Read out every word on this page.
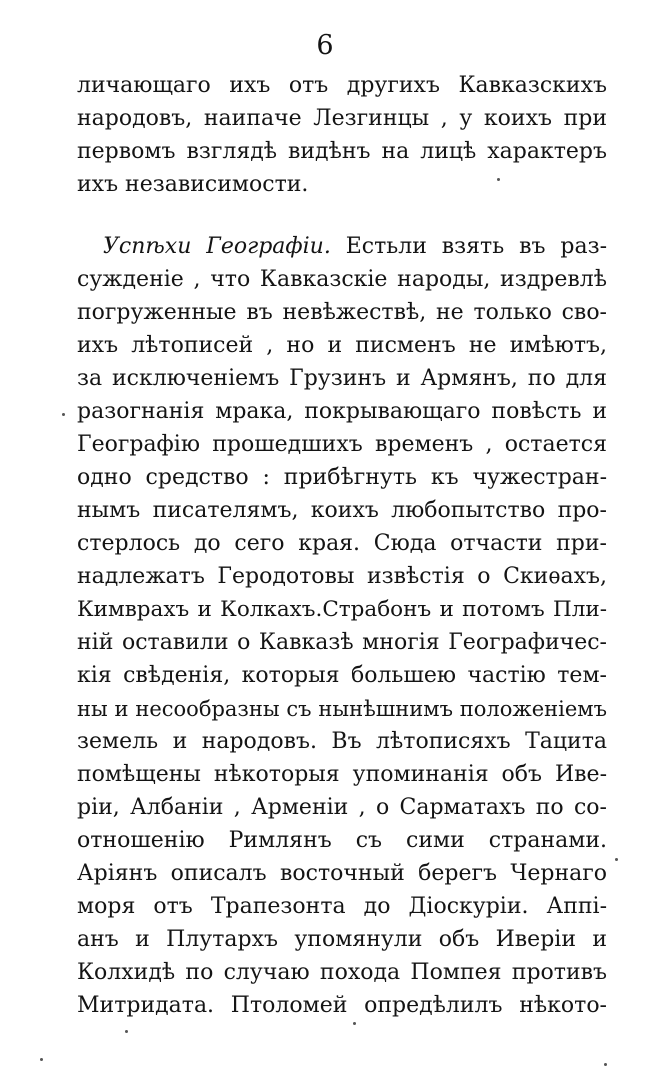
6
личающаго ихъ отъ другихъ Кавказскихъ
народовъ, наипаче Лезгинцы , у коихъ при
первомъ взглядѣ видѣнъ на лицѣ характеръ
ихъ независимости.
Успѣхи Географіи. Естьли взять въ раз-
сужденіе , что Кавказскіе народы, издревлѣ
погруженные въ невѣжествѣ, не только сво-
ихъ лѣтописей , но и писменъ не имѣютъ,
за исключеніемъ Грузинъ и Армянъ, по для
разогнанія мрака, покрывающаго повѣсть и
Географію прошедшихъ временъ , остается
одно средство : прибѣгнуть къ чужестран-
нымъ писателямъ, коихъ любопытство про-
стерлось до сего края. Сюда отчасти при-
надлежатъ Геродотовы извѣстія о Скиѳахъ,
Кимврахъ и Колкахъ.Страбонъ и потомъ Пли-
ній оставили о Кавказѣ многія Географичес-
кія свѣденія, которыя большею частію тем-
ны и несообразны съ нынѣшнимъ положеніемъ
земель и народовъ. Въ лѣтописяхъ Тацита
помѣщены нѣкоторыя упоминанія объ Иве-
ріи, Албаніи , Арменіи , о Сарматахъ по со-
отношенію Римлянъ съ сими странами.
Аріянъ описалъ восточный берегъ Чернаго
моря отъ Трапезонта до Діоскуріи. Аппі-
анъ и Плутархъ упомянули объ Иверіи и
Колхидѣ по случаю похода Помпея противъ
Митридата. Птоломей опредѣлилъ нѣкото-
